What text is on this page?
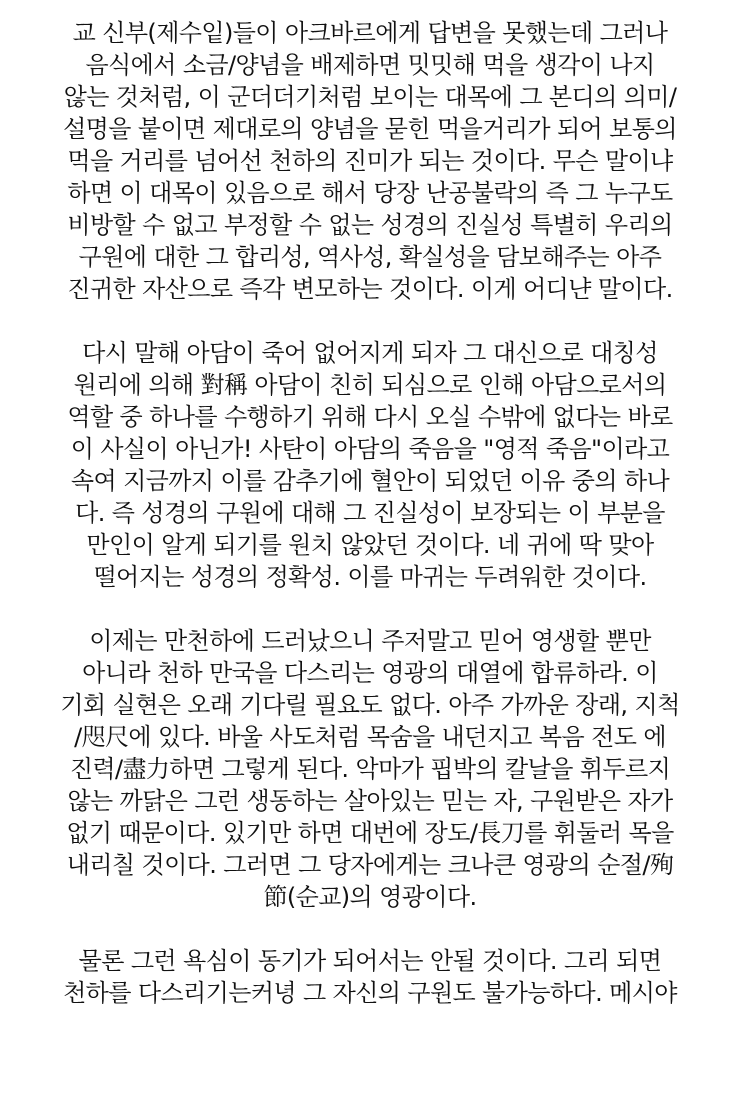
교 신부(제수잍)들이 아크바르에게 답변을 못했는데 그러나
음식에서 소금/양념을 배제하면 밋밋해 먹을 생각이 나지
않는 것처럼, 이 군더더기처럼 보이는 대목에 그 본디의 의미/
설명을 붙이면 제대로의 양념을 묻힌 먹을거리가 되어 보통의
먹을 거리를 넘어선 천하의 진미가 되는 것이다. 무슨 말이냐
하면 이 대목이 있음으로 해서 당장 난공불락의 즉 그 누구도
비방할 수 없고 부정할 수 없는 성경의 진실성 특별히 우리의
구원에 대한 그 합리성, 역사성, 확실성을 담보해주는 아주
진귀한 자산으로 즉각 변모하는 것이다. 이게 어디냔 말이다.
다시 말해 아담이 죽어 없어지게 되자 그 대신으로 대칭성
원리에 의해 對稱 아담이 친히 되심으로 인해 아담으로서의
역할 중 하나를 수행하기 위해 다시 오실 수밖에 없다는 바로
이 사실이 아닌가! 사탄이 아담의 죽음을 "영적 죽음"이라고
속여 지금까지 이를 감추기에 혈안이 되었던 이유 중의 하나
다. 즉 성경의 구원에 대해 그 진실성이 보장되는 이 부분을
만인이 알게 되기를 원치 않았던 것이다. 네 귀에 딱 맞아
떨어지는 성경의 정확성. 이를 마귀는 두려워한 것이다.
이제는 만천하에 드러났으니 주저말고 믿어 영생할 뿐만
아니라 천하 만국을 다스리는 영광의 대열에 합류하라. 이
기회 실현은 오래 기다릴 필요도 없다. 아주 가까운 장래, 지척
/咫尺에 있다. 바울 사도처럼 목숨을 내던지고 복음 전도 에
진력/盡力하면 그렇게 된다. 악마가 핍박의 칼날을 휘두르지
않는 까닭은 그런 생동하는 살아있는 믿는 자, 구원받은 자가
없기 때문이다. 있기만 하면 대번에 장도/長刀를 휘둘러 목을
내리칠 것이다. 그러면 그 당자에게는 크나큰 영광의 순절/殉
節(순교)의 영광이다.
물론 그런 욕심이 동기가 되어서는 안될 것이다. 그리 되면
천하를 다스리기는커녕 그 자신의 구원도 불가능하다. 메시야
